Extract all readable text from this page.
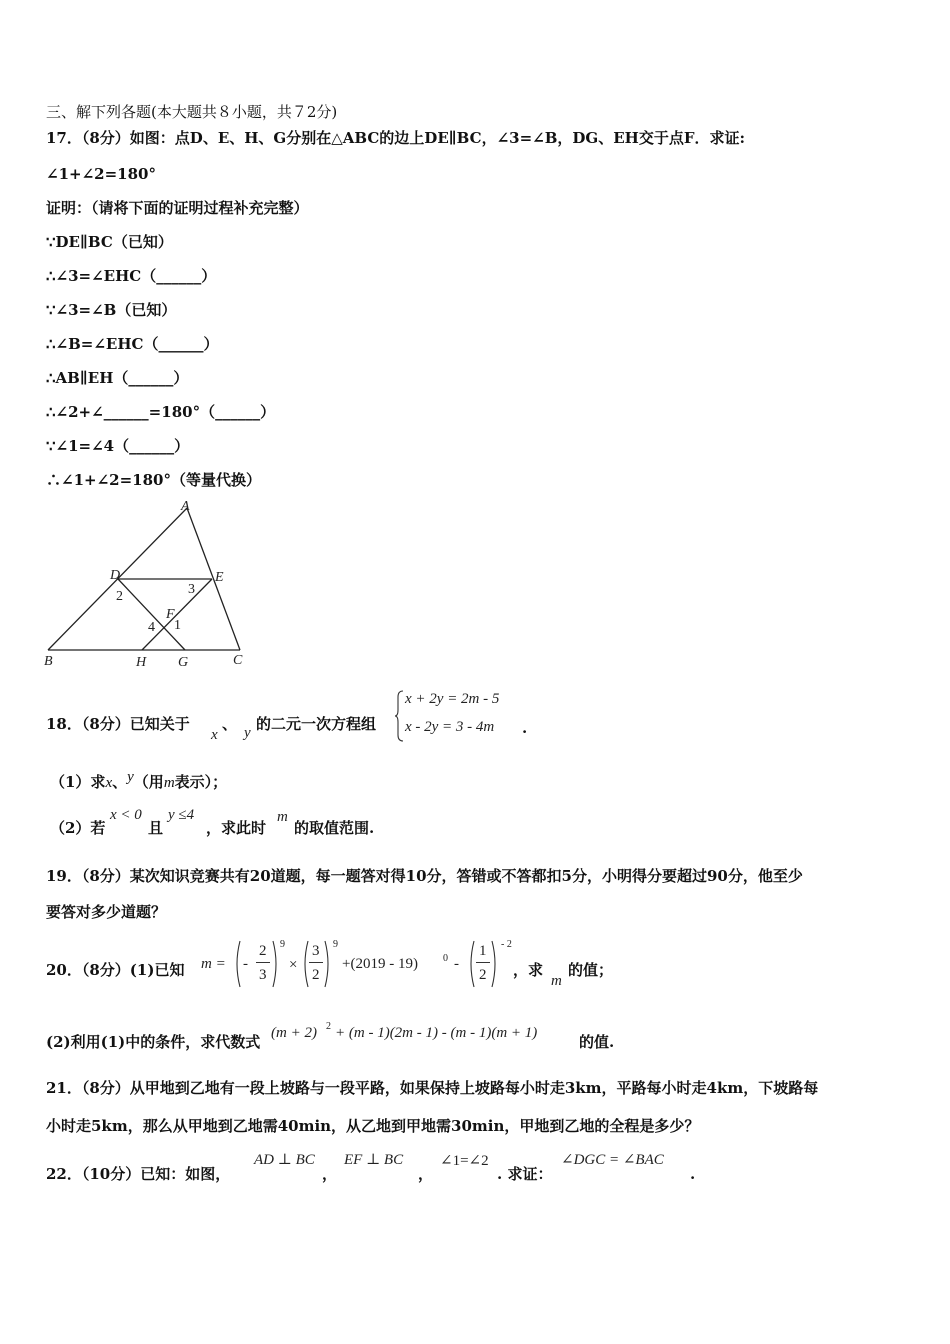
三、解下列各题(本大题共８小题，共７2分)
17．（8分）如图：点D、E、H、G分别在△ABC的边上DE∥BC，∠3=∠B，DG、EH交于点F．求证:
∠1+∠2=180°
证明：（请将下面的证明过程补充完整）
∵DE∥BC（已知）
∴∠3=∠EHC（______）
∵∠3=∠B（已知）
∴∠B=∠EHC（______）
∴AB∥EH（______）
∴∠2+∠______=180°（______）
∵∠1=∠4（______）
∴∠1+∠2=180°（等量代换）
A
B	C
D	E
F
G
H
1
2	3
4
18．（8分）已知关于
x
、 y 的二元一次方程组
x + 2y = 2m - 5
x - 2y = 3 - 4m .
（1）求x、y（用m表示）；
（2）若
x < 0
且
y ≤4
，求此时
m
的取值范围.
19．（8分）某次知识竞赛共有20道题，每一题答对得10分，答错或不答都扣5分，小明得分要超过90分，他至少
要答对多少道题？
20．（8分）(1)已知 m = -
2
3
9
×
3
2
9
+(2019 - 19)	0 -
1
2
- 2
，求
m
的值；
(2)利用(1)中的条件，求代数式 (m + 2) 2 + (m - 1)(2m - 1) - (m - 1)(m + 1)	的值.
21．（8分）从甲地到乙地有一段上坡路与一段平路，如果保持上坡路每小时走3km，平路每小时走4km，下坡路每
小时走5km，那么从甲地到乙地需40min，从乙地到甲地需30min，甲地到乙地的全程是多少？
22．（10分）已知：如图，
AD ⊥ BC
，
EF ⊥ BC
，
∠1=∠2
. 求证：
∠DGC = ∠BAC
.
